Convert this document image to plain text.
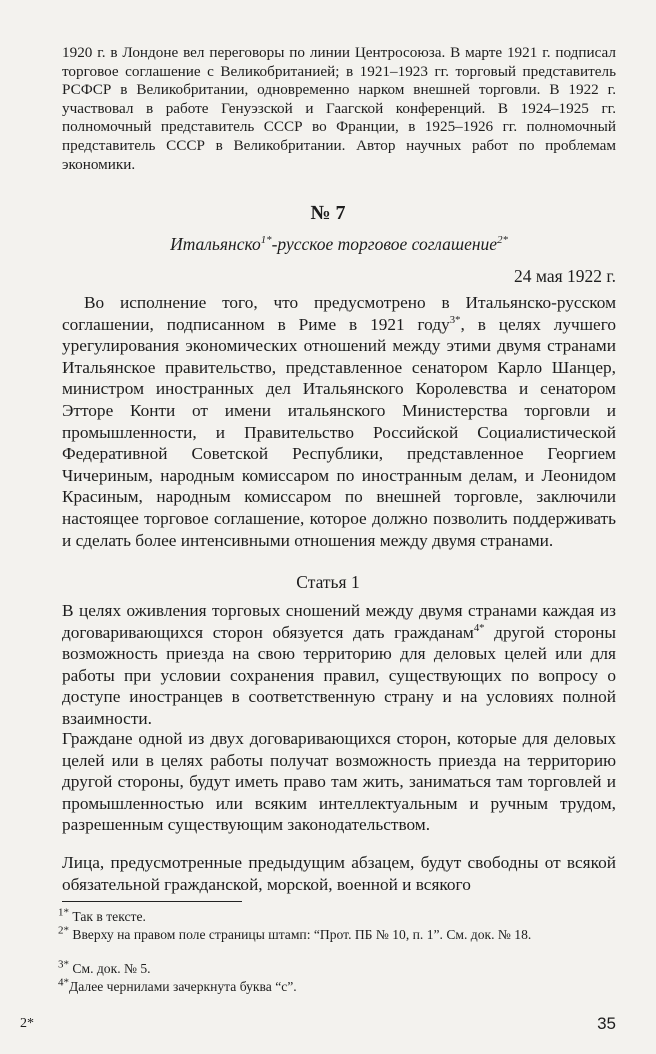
1920 г. в Лондоне вел переговоры по линии Центросоюза. В марте 1921 г. подписал торговое соглашение с Великобританией; в 1921–1923 гг. торговый представитель РСФСР в Великобритании, одновременно нарком внешней торговли. В 1922 г. участвовал в работе Генуэзской и Гаагской конференций. В 1924–1925 гг. полномочный представитель СССР во Франции, в 1925–1926 гг. полномочный представитель СССР в Великобритании. Автор научных работ по проблемам экономики.
№ 7
Итальянско$^{1*}$-русское торговое соглашение$^{2*}$
24 мая 1922 г.
Во исполнение того, что предусмотрено в Итальянско-русском соглашении, подписанном в Риме в 1921 году$^{3*}$, в целях лучшего урегулирования экономических отношений между этими двумя странами Итальянское правительство, представленное сенатором Карло Шанцер, министром иностранных дел Итальянского Королевства и сенатором Этторе Конти от имени итальянского Министерства торговли и промышленности, и Правительство Российской Социалистической Федеративной Советской Республики, представленное Георгием Чичериным, народным комиссаром по иностранным делам, и Леонидом Красиным, народным комиссаром по внешней торговле, заключили настоящее торговое соглашение, которое должно позволить поддерживать и сделать более интенсивными отношения между двумя странами.
Статья 1
В целях оживления торговых сношений между двумя странами каждая из договаривающихся сторон обязуется дать гражданам$^{4*}$ другой стороны возможность приезда на свою территорию для деловых целей или для работы при условии сохранения правил, существующих по вопросу о доступе иностранцев в соответственную страну и на условиях полной взаимности.
Граждане одной из двух договаривающихся сторон, которые для деловых целей или в целях работы получат возможность приезда на территорию другой стороны, будут иметь право там жить, заниматься там торговлей и промышленностью или всяким интеллектуальным и ручным трудом, разрешенным существующим законодательством.
Лица, предусмотренные предыдущим абзацем, будут свободны от всякой обязательной гражданской, морской, военной и всякого
$^{1*}$ Так в тексте.
$^{2*}$ Вверху на правом поле страницы штамп: “Прот. ПБ № 10, п. 1”. См. док. № 18.
$^{3*}$ См. док. № 5.
$^{4*}$Далее чернилами зачеркнута буква “с”.
2*	35
